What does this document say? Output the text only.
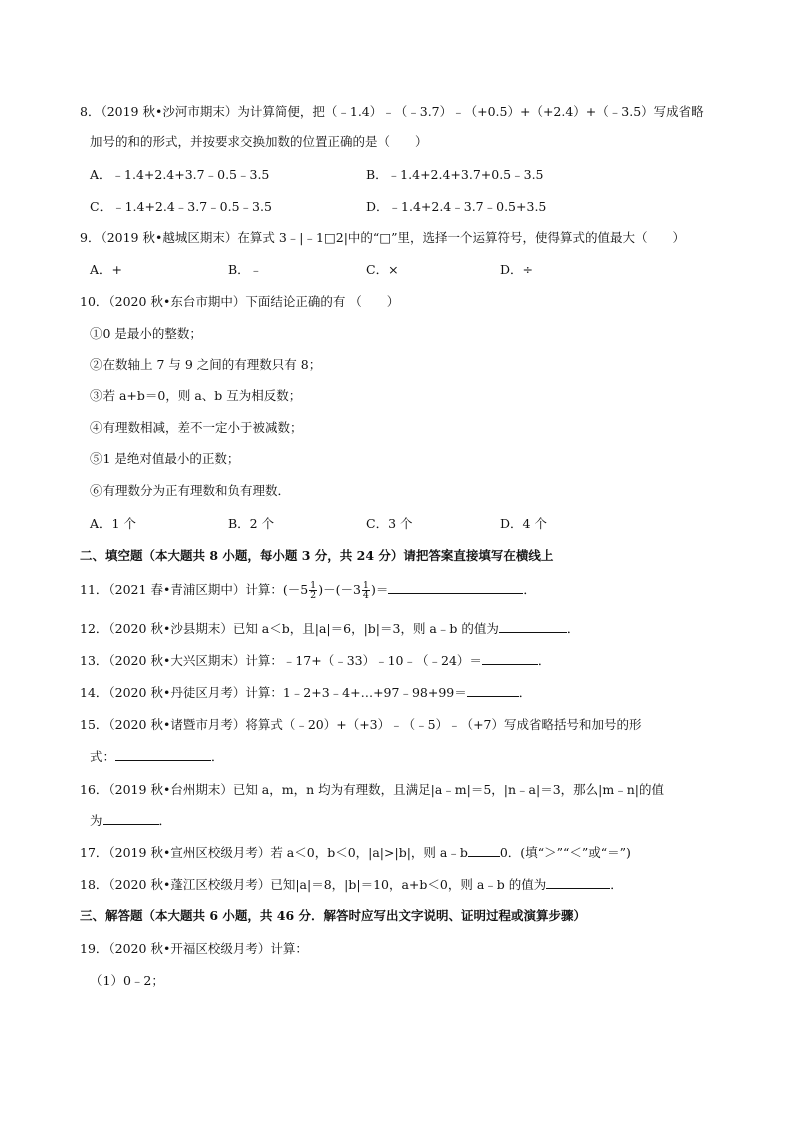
8．（2019 秋•沙河市期末）为计算简便，把（﹣1.4）﹣（﹣3.7）﹣（+0.5）+（+2.4）+（﹣3.5）写成省略
加号的和的形式，并按要求交换加数的位置正确的是（　　）
A．﹣1.4+2.4+3.7﹣0.5﹣3.5	B．﹣1.4+2.4+3.7+0.5﹣3.5
C．﹣1.4+2.4﹣3.7﹣0.5﹣3.5	D．﹣1.4+2.4﹣3.7﹣0.5+3.5
9．（2019 秋•越城区期末）在算式 3﹣|﹣1□2|中的“□”里，选择一个运算符号，使得算式的值最大（　　）
A．+	B．﹣	C．×	D．÷
10．（2020 秋•东台市期中）下面结论正确的有 （　　）
①0 是最小的整数；
②在数轴上 7 与 9 之间的有理数只有 8；
③若 a+b＝0，则 a、b 互为相反数；
④有理数相减，差不一定小于被减数；
⑤1 是绝对值最小的正数；
⑥有理数分为正有理数和负有理数．
A．1 个	B．2 个	C．3 个	D．4 个
二、填空题（本大题共 8 小题，每小题 3 分，共 24 分）请把答案直接填写在横线上
11．（2021 春•青浦区期中）计算：$(-5 \frac{1}{2} )-(-3 \frac{1}{4}$ )＝	．
12．（2020 秋•沙县期末）已知 a＜b，且|a|＝6，|b|＝3，则 a﹣b 的值为	．
13．（2020 秋•大兴区期末）计算：﹣17+（﹣33）﹣10﹣（﹣24）＝	．
14．（2020 秋•丹徒区月考）计算：1﹣2+3﹣4+…+97﹣98+99＝	．
15．（2020 秋•诸暨市月考）将算式（﹣20）+（+3）﹣（﹣5）﹣（+7）写成省略括号和加号的形
式：	．
16．（2019 秋•台州期末）已知 a，m，n 均为有理数，且满足|a﹣m|＝5，|n﹣a|＝3，那么|m﹣n|的值
为	．
17．（2019 秋•宣州区校级月考）若 a＜0，b＜0，|a|>|b|，则 a﹣b	0．(填“＞”“＜”或“＝”)
18．（2020 秋•蓬江区校级月考）已知|a|＝8，|b|＝10，a+b＜0，则 a﹣b 的值为	．
三、解答题（本大题共 6 小题，共 46 分．解答时应写出文字说明、证明过程或演算步骤）
19．（2020 秋•开福区校级月考）计算：
（1）0﹣2；
